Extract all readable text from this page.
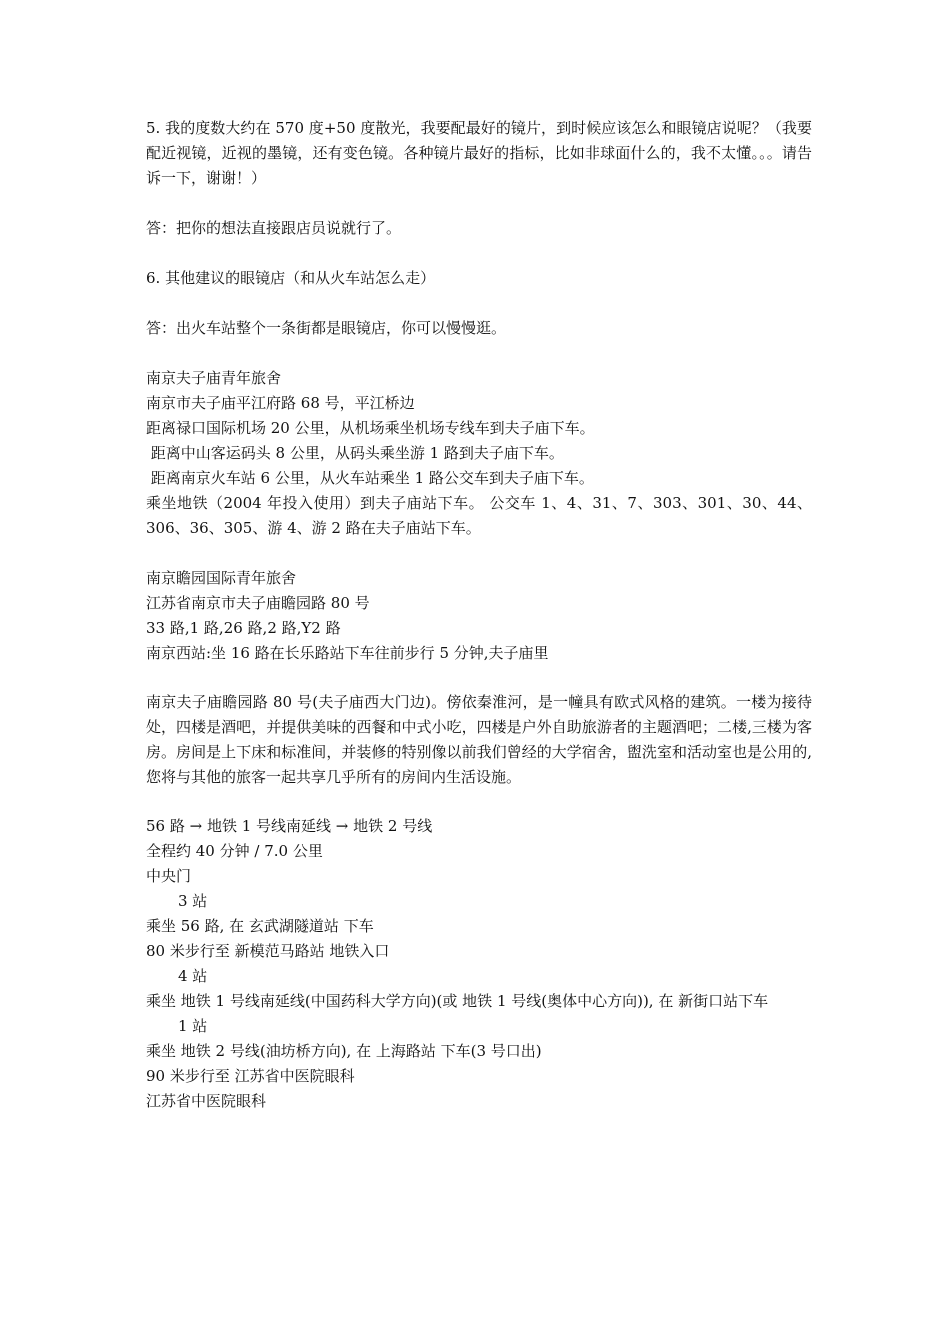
5. 我的度数大约在 570 度+50 度散光，我要配最好的镜片，到时候应该怎么和眼镜店说呢？（我要配近视镜，近视的墨镜，还有变色镜。各种镜片最好的指标，比如非球面什么的，我不太懂。。。请告诉一下，谢谢！）
答：把你的想法直接跟店员说就行了。
6. 其他建议的眼镜店（和从火车站怎么走）
答：出火车站整个一条街都是眼镜店，你可以慢慢逛。
南京夫子庙青年旅舍
南京市夫子庙平江府路 68 号，平江桥边
距离禄口国际机场 20 公里，从机场乘坐机场专线车到夫子庙下车。
距离中山客运码头 8 公里，从码头乘坐游 1 路到夫子庙下车。
距离南京火车站 6 公里，从火车站乘坐 1 路公交车到夫子庙下车。
乘坐地铁（2004 年投入使用）到夫子庙站下车。 公交车 1、4、31、7、303、301、30、44、306、36、305、游 4、游 2 路在夫子庙站下车。
南京瞻园国际青年旅舍
江苏省南京市夫子庙瞻园路 80 号
33 路,1 路,26 路,2 路,Y2 路
南京西站:坐 16 路在长乐路站下车往前步行 5 分钟,夫子庙里
南京夫子庙瞻园路 80 号(夫子庙西大门边)。傍依秦淮河，是一幢具有欧式风格的建筑。一楼为接待处，四楼是酒吧，并提供美味的西餐和中式小吃，四楼是户外自助旅游者的主题酒吧；二楼,三楼为客房。房间是上下床和标准间，并装修的特别像以前我们曾经的大学宿舍，盥洗室和活动室也是公用的,您将与其他的旅客一起共享几乎所有的房间内生活设施。
56 路 → 地铁 1 号线南延线 → 地铁 2 号线
全程约 40 分钟 / 7.0 公里
中央门
3 站
乘坐 56 路, 在 玄武湖隧道站 下车
80 米步行至 新模范马路站 地铁入口
4 站
乘坐 地铁 1 号线南延线(中国药科大学方向)(或 地铁 1 号线(奥体中心方向)), 在 新街口站下车
1 站
乘坐 地铁 2 号线(油坊桥方向), 在 上海路站 下车(3 号口出)
90 米步行至 江苏省中医院眼科
江苏省中医院眼科
